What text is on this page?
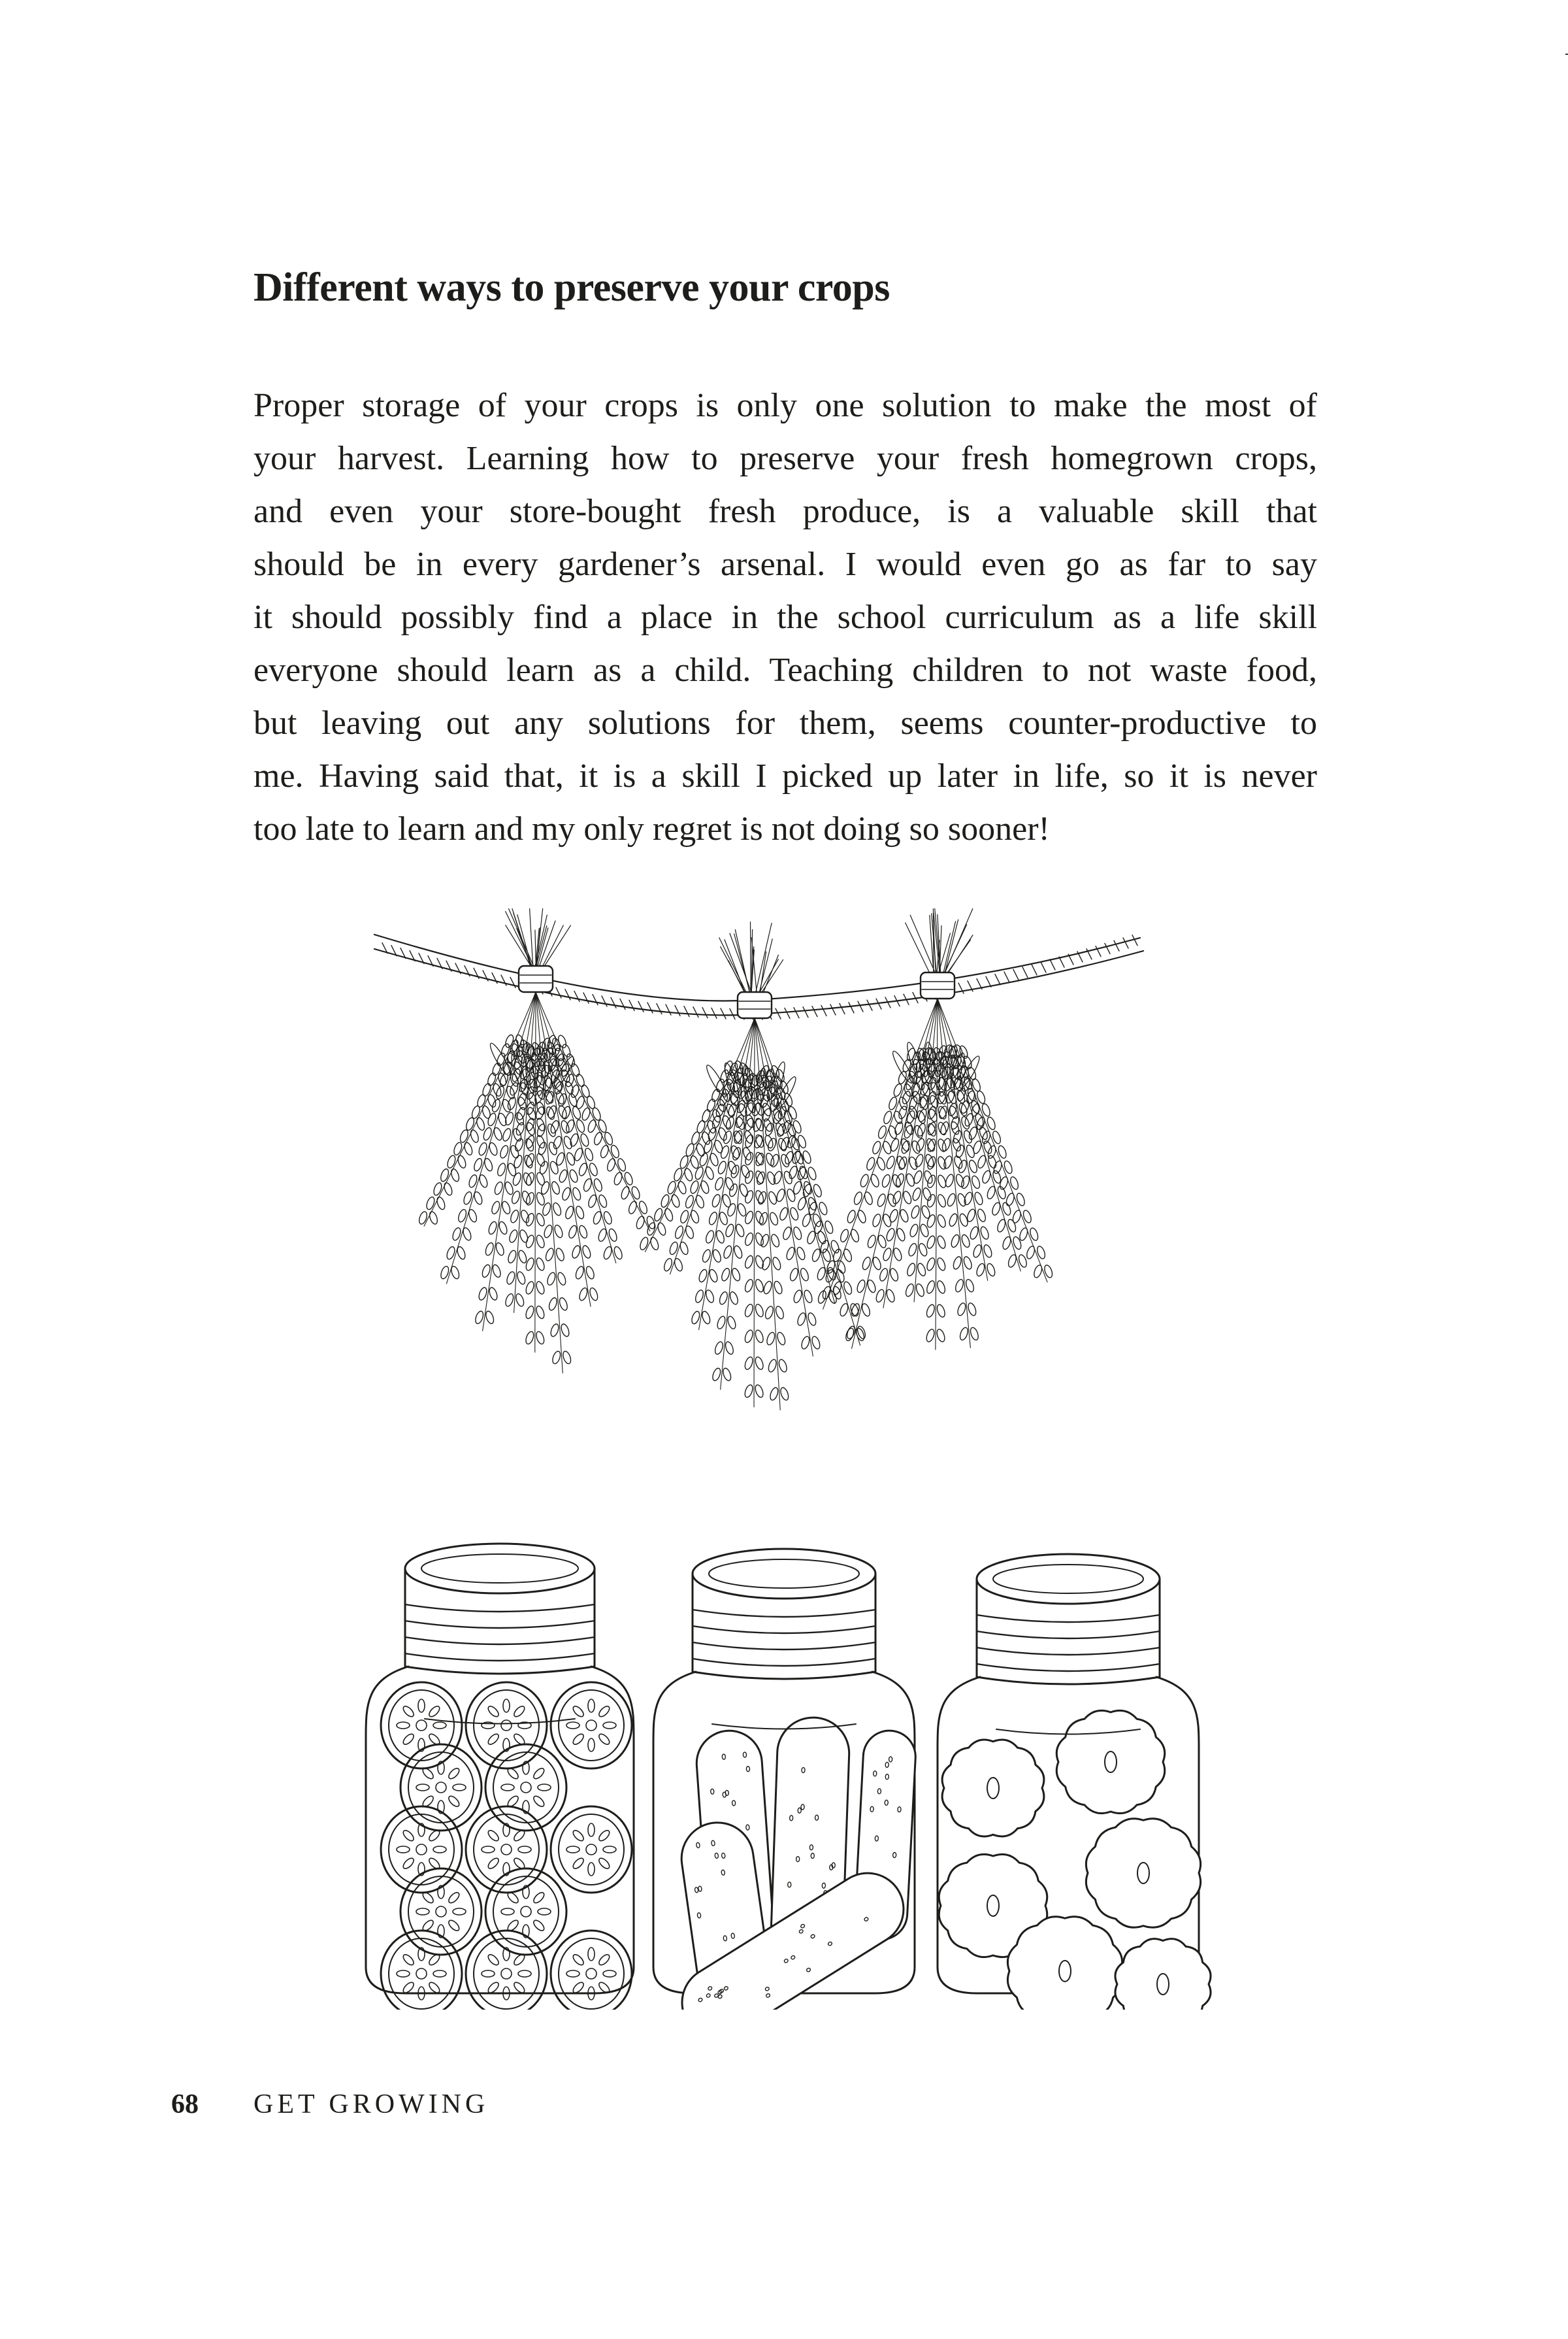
Different ways to preserve your crops
Proper storage of your crops is only one solution to make the most of
your harvest. Learning how to preserve your fresh homegrown crops,
and even your store-bought fresh produce, is a valuable skill that
should be in every gardener’s arsenal. I would even go as far to say
it should possibly find a place in the school curriculum as a life skill
everyone should learn as a child. Teaching children to not waste food,
but leaving out any solutions for them, seems counter-productive to
me. Having said that, it is a skill I picked up later in life, so it is never
too late to learn and my only regret is not doing so sooner!
68 GET GROWING
